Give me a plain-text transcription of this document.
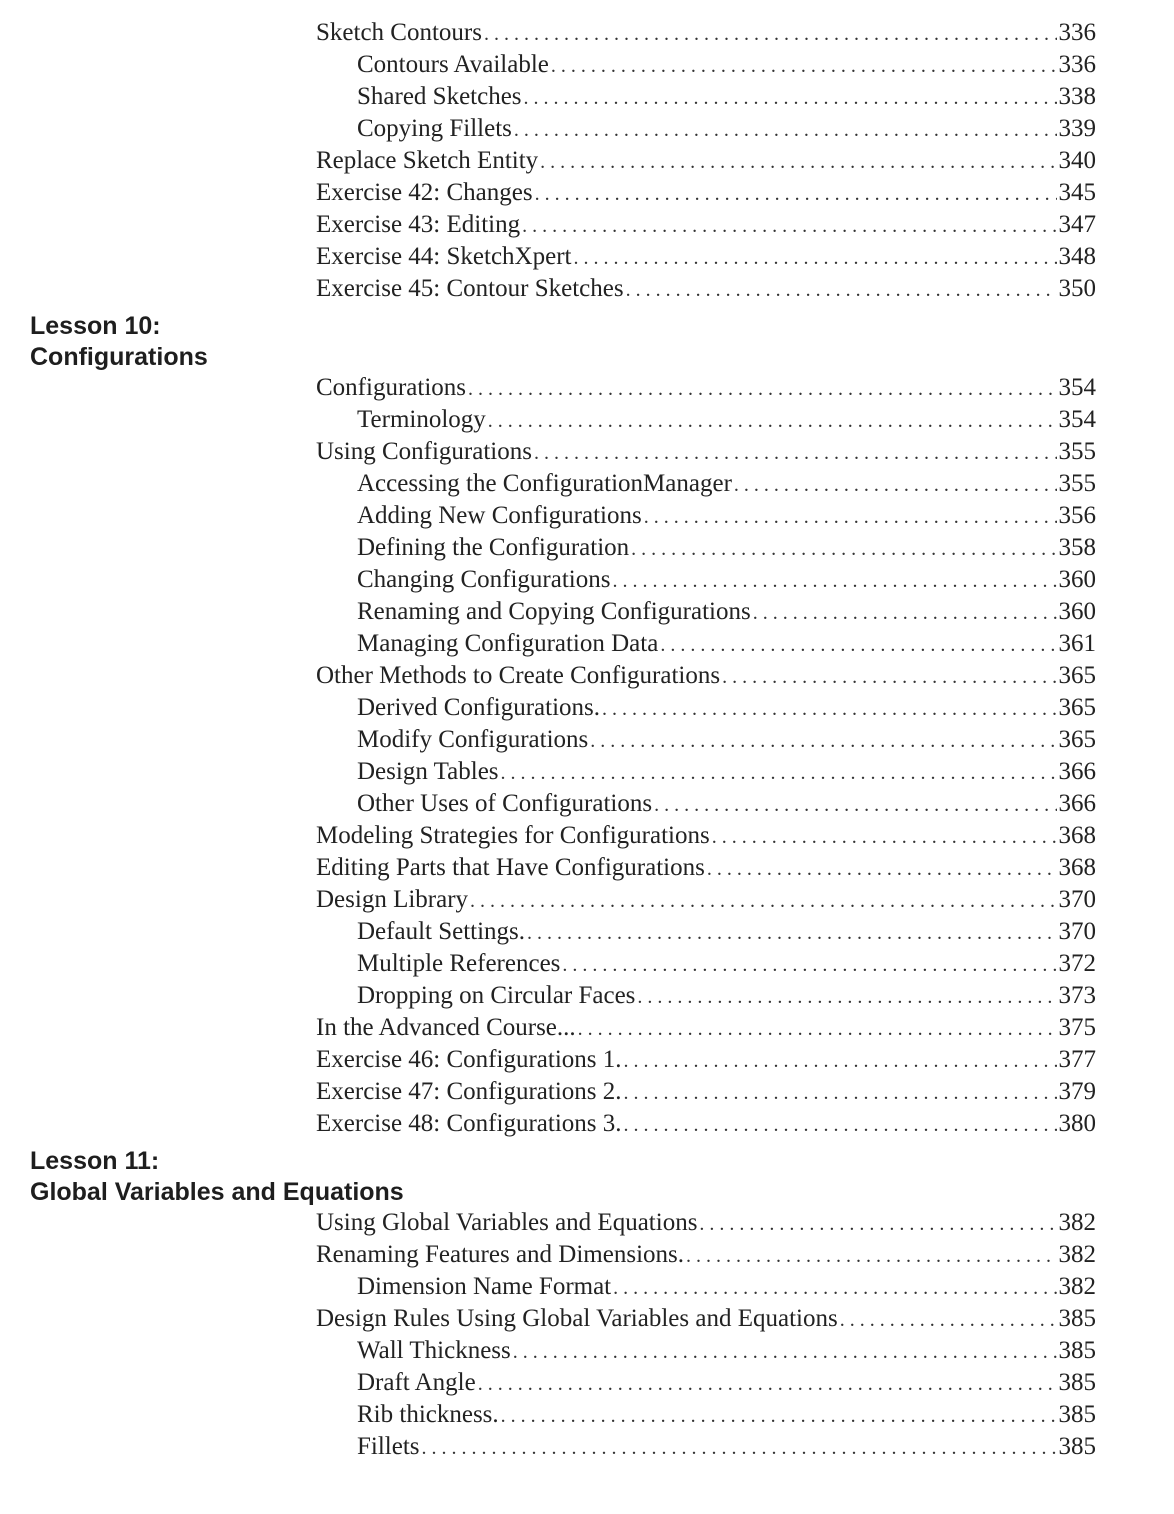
Sketch Contours . . .	336
Contours Available . . .	336
Shared Sketches . . .	338
Copying Fillets . . .	339
Replace Sketch Entity . . .	340
Exercise 42: Changes . . .	345
Exercise 43: Editing . . .	347
Exercise 44: SketchXpert . . .	348
Exercise 45: Contour Sketches . . .	350
Lesson 10:
Configurations
Configurations . . .	354
Terminology . . .	354
Using Configurations . . .	355
Accessing the ConfigurationManager . . .	355
Adding New Configurations . . .	356
Defining the Configuration . . .	358
Changing Configurations . . .	360
Renaming and Copying Configurations . . .	360
Managing Configuration Data . . .	361
Other Methods to Create Configurations . . .	365
Derived Configurations. . . .	365
Modify Configurations . . .	365
Design Tables . . .	366
Other Uses of Configurations . . .	366
Modeling Strategies for Configurations . . .	368
Editing Parts that Have Configurations . . .	368
Design Library . . .	370
Default Settings. . . .	370
Multiple References . . .	372
Dropping on Circular Faces . . .	373
In the Advanced Course... . . .	375
Exercise 46: Configurations 1. . . .	377
Exercise 47: Configurations 2. . . .	379
Exercise 48: Configurations 3. . . .	380
Lesson 11:
Global Variables and Equations
Using Global Variables and Equations . . .	382
Renaming Features and Dimensions. . . .	382
Dimension Name Format . . .	382
Design Rules Using Global Variables and Equations . . .	385
Wall Thickness . . .	385
Draft Angle . . .	385
Rib thickness. . . .	385
Fillets . . .	385
